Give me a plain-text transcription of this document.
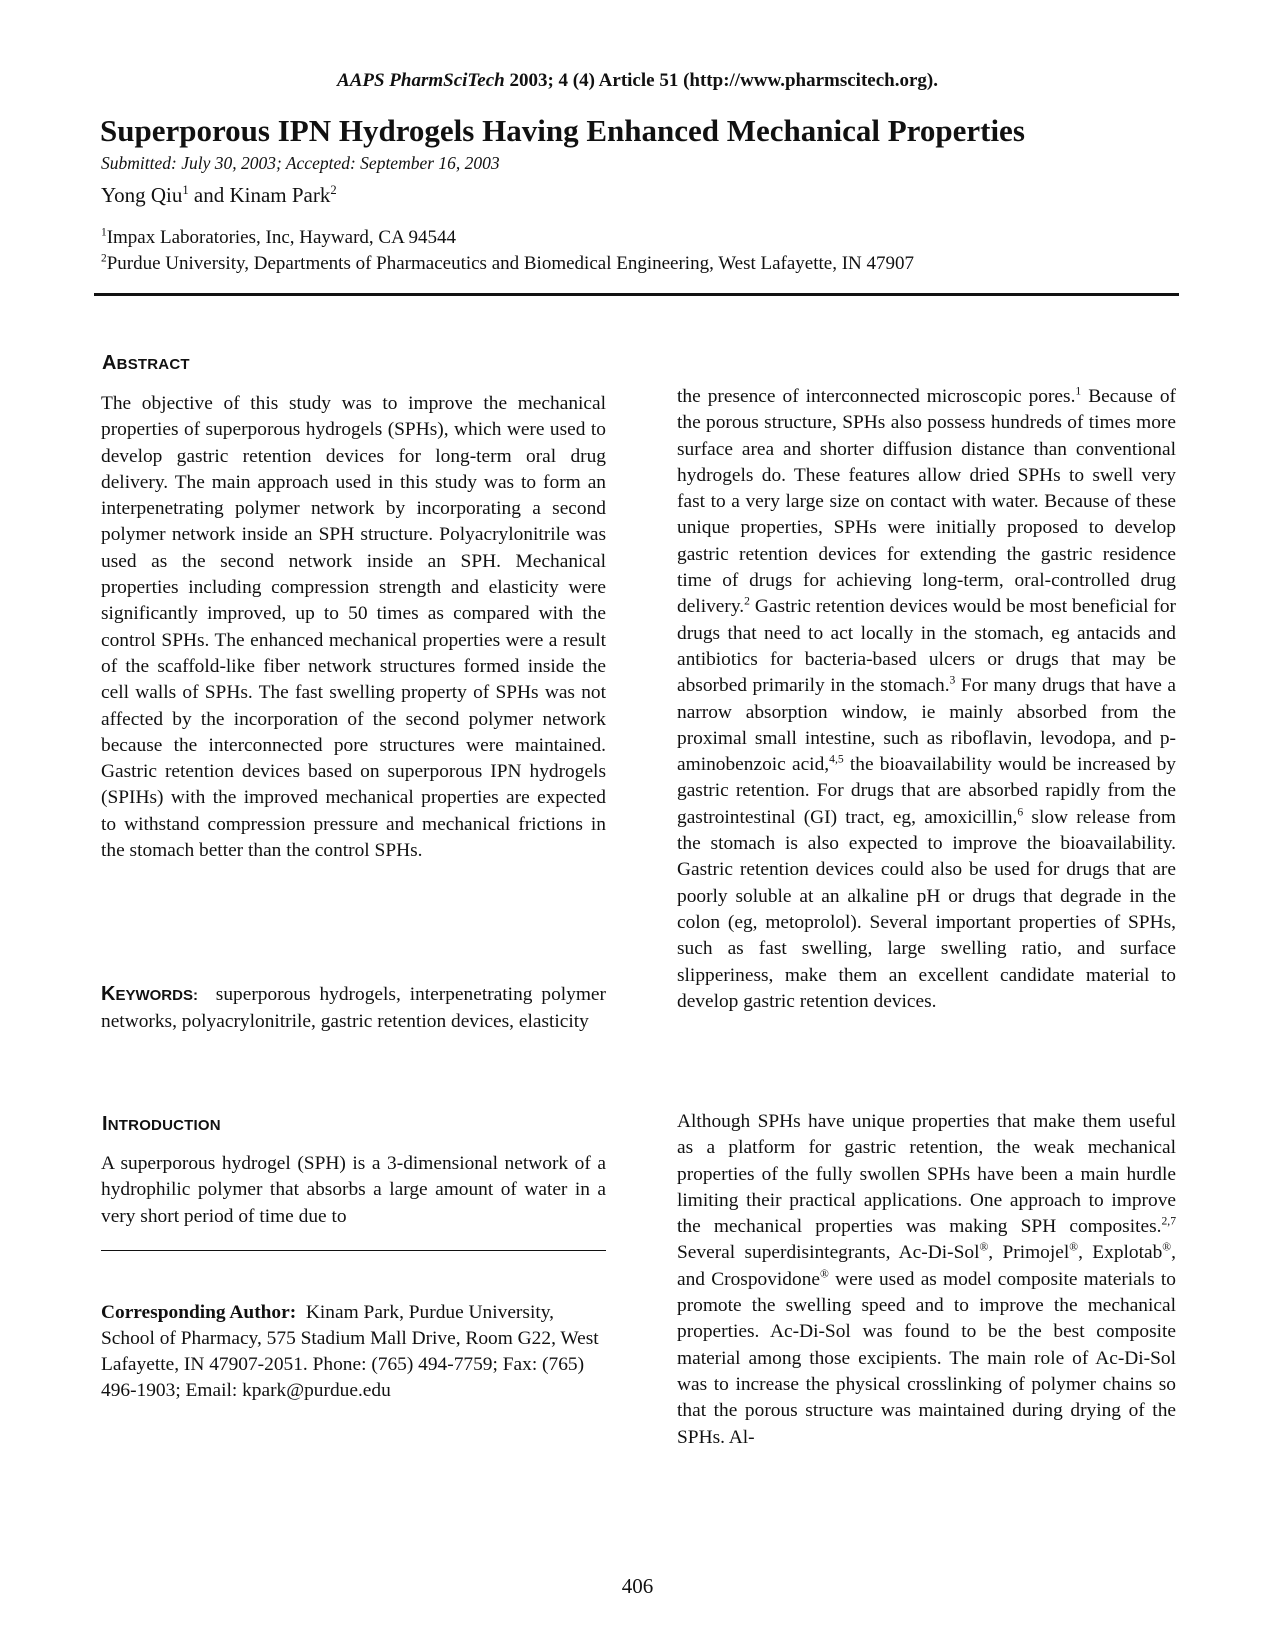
AAPS PharmSciTech 2003; 4 (4) Article 51 (http://www.pharmscitech.org).
Superporous IPN Hydrogels Having Enhanced Mechanical Properties
Submitted: July 30, 2003; Accepted: September 16, 2003
Yong Qiu$^1$ and Kinam Park$^2$
$^1$Impax Laboratories, Inc, Hayward, CA 94544
$^2$Purdue University, Departments of Pharmaceutics and Biomedical Engineering, West Lafayette, IN 47907
ABSTRACT
The objective of this study was to improve the mechanical properties of superporous hydrogels (SPHs), which were used to develop gastric retention devices for long-term oral drug delivery. The main approach used in this study was to form an interpenetrating polymer network by incorporating a second polymer network inside an SPH structure. Polyacrylonitrile was used as the second network inside an SPH. Mechanical properties including compression strength and elasticity were significantly improved, up to 50 times as compared with the control SPHs. The enhanced mechanical properties were a result of the scaffold-like fiber network structures formed inside the cell walls of SPHs. The fast swelling property of SPHs was not affected by the incorporation of the second polymer network because the interconnected pore structures were maintained. Gastric retention devices based on superporous IPN hydrogels (SPIHs) with the improved mechanical properties are expected to withstand compression pressure and mechanical frictions in the stomach better than the control SPHs.
KEYWORDS: superporous hydrogels, interpenetrating polymer networks, polyacrylonitrile, gastric retention devices, elasticity
INTRODUCTION
A superporous hydrogel (SPH) is a 3-dimensional network of a hydrophilic polymer that absorbs a large amount of water in a very short period of time due to
Corresponding Author: Kinam Park, Purdue University, School of Pharmacy, 575 Stadium Mall Drive, Room G22, West Lafayette, IN 47907-2051. Phone: (765) 494-7759; Fax: (765) 496-1903; Email: kpark@purdue.edu
the presence of interconnected microscopic pores.$^1$ Because of the porous structure, SPHs also possess hundreds of times more surface area and shorter diffusion distance than conventional hydrogels do. These features allow dried SPHs to swell very fast to a very large size on contact with water. Because of these unique properties, SPHs were initially proposed to develop gastric retention devices for extending the gastric residence time of drugs for achieving long-term, oral-controlled drug delivery.$^2$ Gastric retention devices would be most beneficial for drugs that need to act locally in the stomach, eg antacids and antibiotics for bacteria-based ulcers or drugs that may be absorbed primarily in the stomach.$^3$ For many drugs that have a narrow absorption window, ie mainly absorbed from the proximal small intestine, such as riboflavin, levodopa, and p-aminobenzoic acid,$^{4,5}$ the bioavailability would be increased by gastric retention. For drugs that are absorbed rapidly from the gastrointestinal (GI) tract, eg, amoxicillin,$^6$ slow release from the stomach is also expected to improve the bioavailability. Gastric retention devices could also be used for drugs that are poorly soluble at an alkaline pH or drugs that degrade in the colon (eg, metoprolol). Several important properties of SPHs, such as fast swelling, large swelling ratio, and surface slipperiness, make them an excellent candidate material to develop gastric retention devices.
Although SPHs have unique properties that make them useful as a platform for gastric retention, the weak mechanical properties of the fully swollen SPHs have been a main hurdle limiting their practical applications. One approach to improve the mechanical properties was making SPH composites.$^{2,7}$ Several superdisintegrants, Ac-Di-Sol®, Primojel®, Explotab®, and Crospovidone® were used as model composite materials to promote the swelling speed and to improve the mechanical properties. Ac-Di-Sol was found to be the best composite material among those excipients. The main role of Ac-Di-Sol was to increase the physical crosslinking of polymer chains so that the porous structure was maintained during drying of the SPHs. Al-
406
